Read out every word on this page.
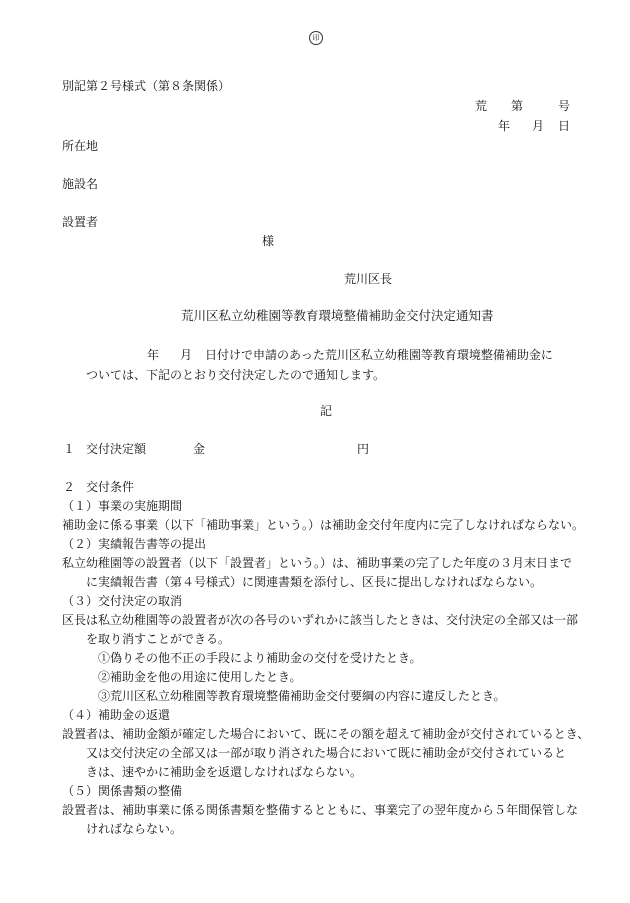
印
別記第２号様式（第８条関係）
荒 第	号
年 月 日
所在地
施設名
設置者
様
荒川区長
荒川区私立幼稚園等教育環境整備補助金交付決定通知書
年 月 日付けで申請のあった荒川区私立幼稚園等教育環境整備補助金に
ついては、下記のとおり交付決定したので通知します。
記
１ 交付決定額	金	円
２ 交付条件
（１）事業の実施期間
補助金に係る事業（以下「補助事業」という。）は補助金交付年度内に完了しなければならない。
（２）実績報告書等の提出
私立幼稚園等の設置者（以下「設置者」という。）は、補助事業の完了した年度の３月末日まで
に実績報告書（第４号様式）に関連書類を添付し、区長に提出しなければならない。
（３）交付決定の取消
区長は私立幼稚園等の設置者が次の各号のいずれかに該当したときは、交付決定の全部又は一部
を取り消すことができる。
①偽りその他不正の手段により補助金の交付を受けたとき。
②補助金を他の用途に使用したとき。
③荒川区私立幼稚園等教育環境整備補助金交付要綱の内容に違反したとき。
（４）補助金の返還
設置者は、補助金額が確定した場合において、既にその額を超えて補助金が交付されているとき、
又は交付決定の全部又は一部が取り消された場合において既に補助金が交付されていると
きは、速やかに補助金を返還しなければならない。
（５）関係書類の整備
設置者は、補助事業に係る関係書類を整備するとともに、事業完了の翌年度から５年間保管しな
ければならない。
